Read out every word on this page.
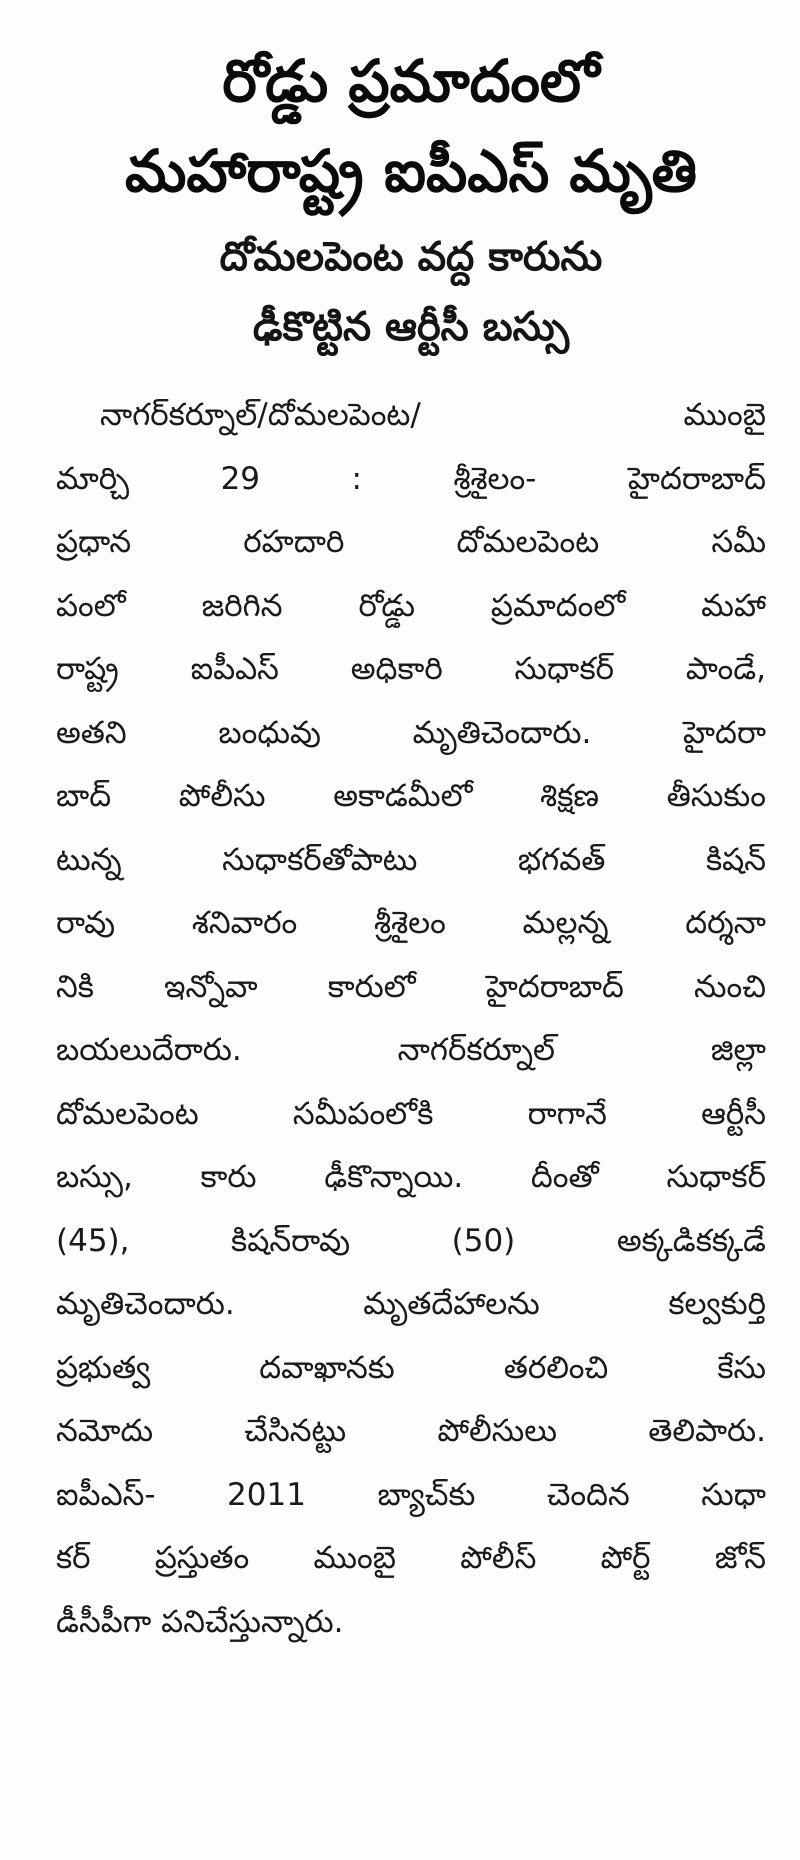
రోడ్డు ప్రమాదంలో
మహారాష్ట్ర ఐపీఎస్ మృతి
దోమలపెంట వద్ద కారును
ఢీకొట్టిన ఆర్టీసీ బస్సు
నాగర్‌కర్నూల్/దోమలపెంట/ ముంబై
మార్చి 29 : శ్రీశైలం- హైదరాబాద్
ప్రధాన రహదారి దోమలపెంట సమీ
పంలో జరిగిన రోడ్డు ప్రమాదంలో మహా
రాష్ట్ర ఐపీఎస్ అధికారి సుధాకర్ పాండే,
అతని బంధువు మృతిచెందారు. హైదరా
బాద్ పోలీసు అకాడమీలో శిక్షణ తీసుకుం
టున్న సుధాకర్‌తోపాటు భగవత్ కిషన్
రావు శనివారం శ్రీశైలం మల్లన్న దర్శనా
నికి ఇన్నోవా కారులో హైదరాబాద్ నుంచి
బయలుదేరారు. నాగర్‌కర్నూల్ జిల్లా
దోమలపెంట సమీపంలోకి రాగానే ఆర్టీసీ
బస్సు, కారు ఢీకొన్నాయి. దీంతో సుధాకర్
(45), కిషన్‌రావు (50) అక్కడికక్కడే
మృతిచెందారు. మృతదేహాలను కల్వకుర్తి
ప్రభుత్వ దవాఖానకు తరలించి కేసు
నమోదు చేసినట్టు పోలీసులు తెలిపారు.
ఐపీఎస్- 2011 బ్యాచ్‌కు చెందిన సుధా
కర్ ప్రస్తుతం ముంబై పోలీస్ పోర్ట్ జోన్
డీసీపీగా పనిచేస్తున్నారు.
